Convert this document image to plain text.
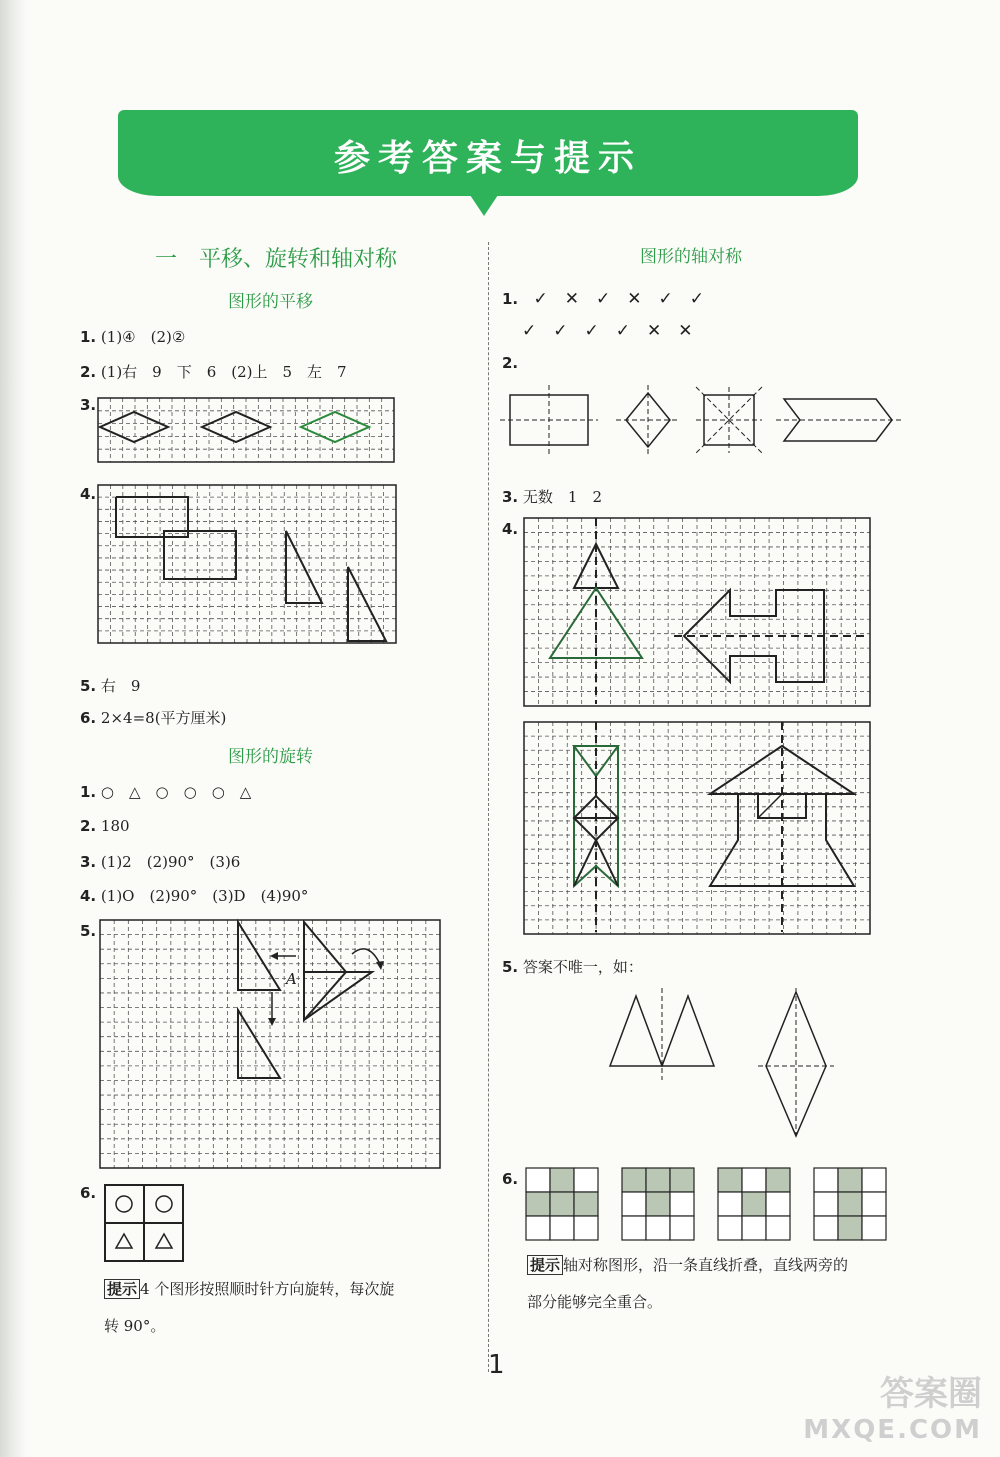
参考答案与提示
一　平移、旋转和轴对称
图形的平移
1. (1)④　(2)②
2. (1)右　9　下　6　(2)上　5　左　7
3.
4.
5. 右　9
6. 2×4=8(平方厘米)
图形的旋转
1. ○　△　○　○　○　△
2. 180
3. (1)2　(2)90°　(3)6
4. (1)O　(2)90°　(3)D　(4)90°
5.
A
6.
提示 4 个图形按照顺时针方向旋转，每次旋
转 90°。
图形的轴对称
1. ✓　✕　✓　✕　✓　✓
✓　✓　✓　✓　✕　✕
2.
3. 无数　1　2
4.
5. 答案不唯一，如：
6.
提示 轴对称图形，沿一条直线折叠，直线两旁的
部分能够完全重合。
1
答案圈
MXQE.COM
